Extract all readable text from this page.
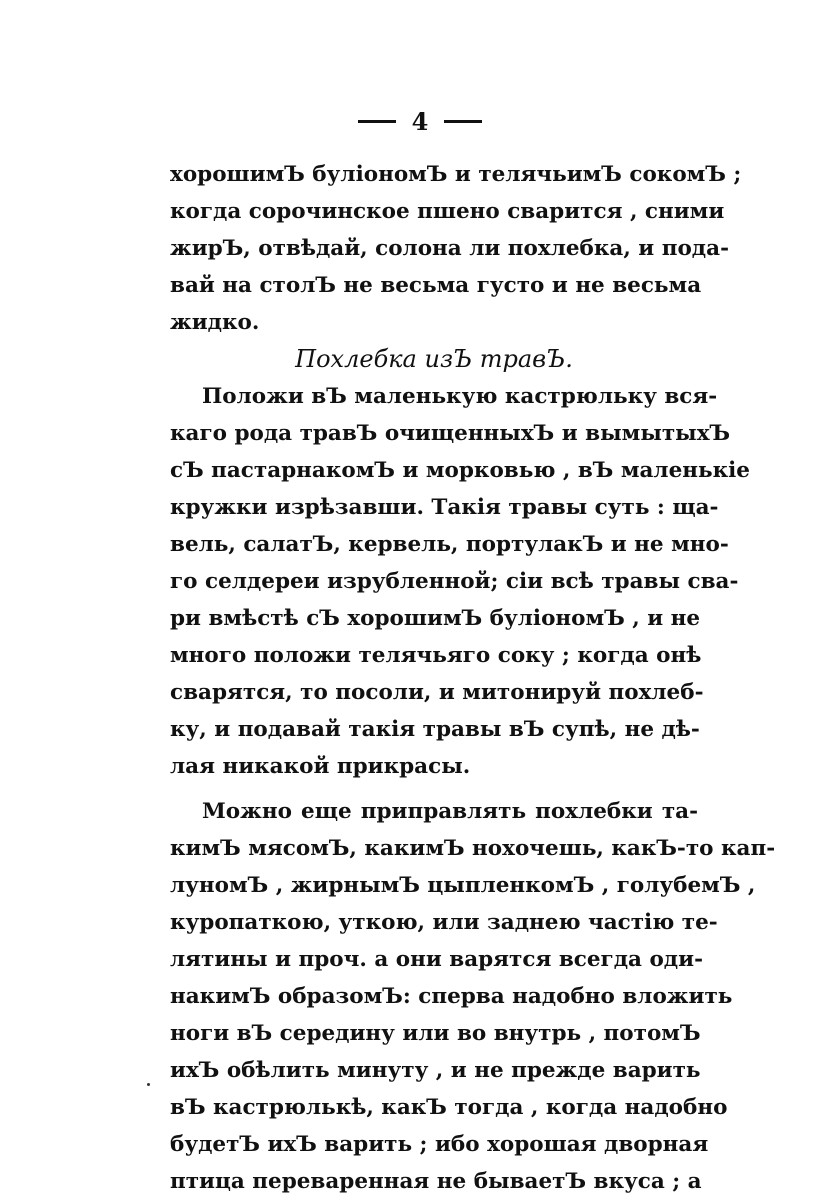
4
хорошимЪ буліономЪ и телячьимЪ сокомЪ ;
когда сорочинское пшено сварится , сними
жирЪ, отвѣдай, солона ли похлебка, и пода-
вай на столЪ не весьма густо и не весьма
жидко.
Похлебка изЪ травЪ.
Положи вЪ маленькую кастрюльку вся-
каго рода травЪ очищенныхЪ и вымытыхЪ
сЪ пастарнакомЪ и морковью , вЪ маленькіе
кружки изрѣзавши. Такія травы суть : ща-
вель, салатЪ, кервель, портулакЪ и не мно-
го селдереи изрубленной; сіи всѣ травы сва-
ри вмѣстѣ сЪ хорошимЪ буліономЪ , и не
много положи телячьяго соку ; когда онѣ
сварятся, то посоли, и митонируй похлеб-
ку, и подавай такія травы вЪ супѣ, не дѣ-
лая никакой прикрасы.
Можно еще приправлять похлебки та-
кимЪ мясомЪ, какимЪ нохочешь, какЪ-то кап-
луномЪ , жирнымЪ цыпленкомЪ , голубемЪ ,
куропаткою, уткою, или заднею частію те-
лятины и проч. а они варятся всегда оди-
накимЪ образомЪ: сперва надобно вложить
ноги вЪ середину или во внутрь , потомЪ
ихЪ обѣлить минуту , и не прежде варить
вЪ кастрюлькѣ, какЪ тогда , когда надобно
будетЪ ихЪ варить ; ибо хорошая дворная
птица переваренная не бываетЪ вкуса ; а
